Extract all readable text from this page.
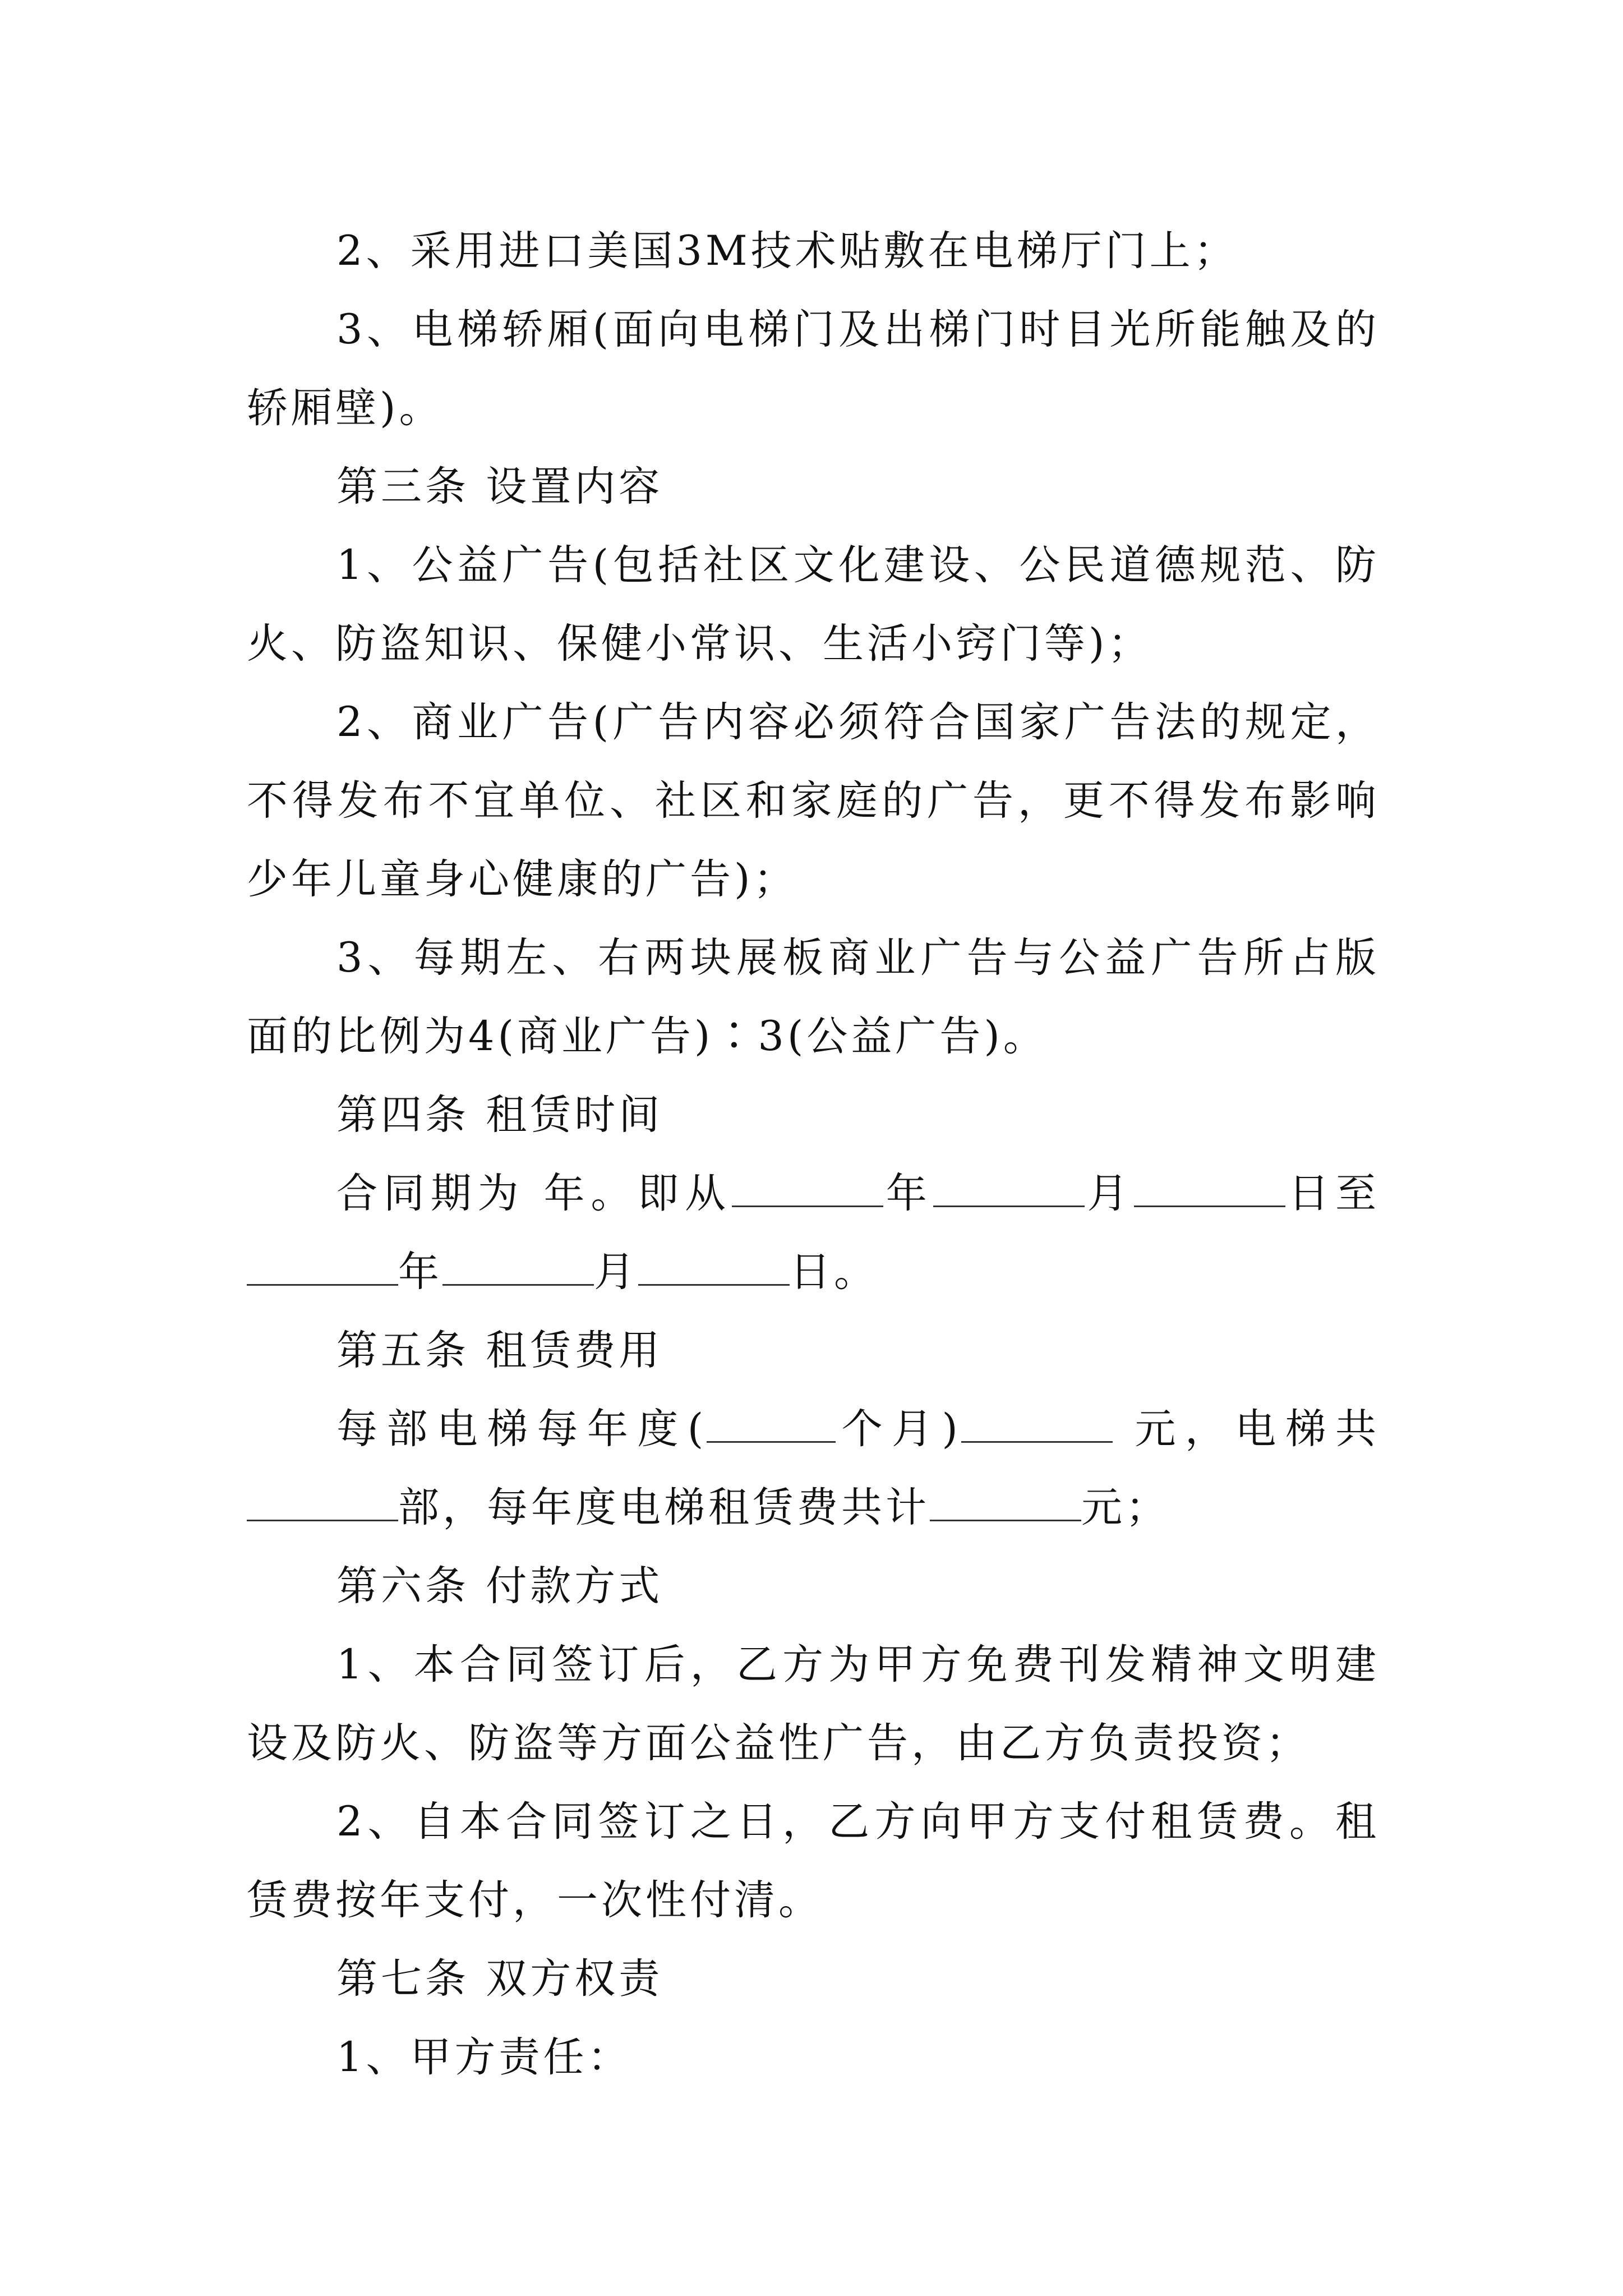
2、采用进口美国3M技术贴敷在电梯厅门上；

3、电梯轿厢(面向电梯门及出梯门时目光所能触及的轿厢壁)。

第三条 设置内容

1、公益广告(包括社区文化建设、公民道德规范、防火、防盗知识、保健小常识、生活小窍门等)；

2、商业广告(广告内容必须符合国家广告法的规定，不得发布不宜单位、社区和家庭的广告，更不得发布影响少年儿童身心健康的广告)；

3、每期左、右两块展板商业广告与公益广告所占版面的比例为4(商业广告)∶3(公益广告)。

第四条 租赁时间

合同期为 年。即从	年	月	日至年	月	日。

第五条 租赁费用

每部电梯每年度(	个月)	元，电梯共部，每年度电梯租赁费共计	元；

第六条 付款方式

1、本合同签订后，乙方为甲方免费刊发精神文明建设及防火、防盗等方面公益性广告，由乙方负责投资；

2、自本合同签订之日，乙方向甲方支付租赁费。租赁费按年支付，一次性付清。

第七条 双方权责

1、甲方责任：
